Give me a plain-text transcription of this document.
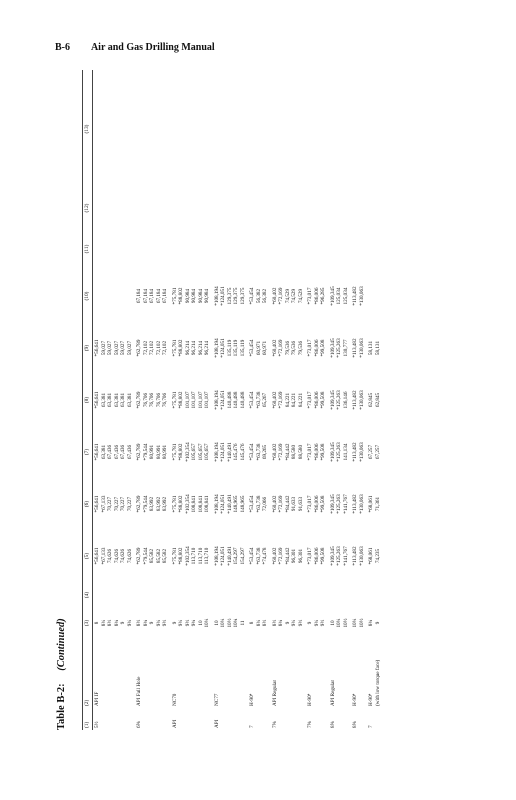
B-6 Air and Gas Drilling Manual
Table B-2: (Continued)

(1)	(2)	(3)	(4)	(5)	(6)	(7)	(8)	(9)	(10)	(11)	(12)	(13)

5½	API IF	8		*56,641	*56,641	*56,641	*56,641	*56,641				
		8¼		*67,133	*67,133	63,381	63,381	59,027				
		8½		74,626	70,227	67,436	63,381	59,027				
		8¾		74,626	70,227	67,436	63,381	59,027				
		9		74,626	70,227	67,436	63,381	59,027				
		9¼		74,626	70,227	67,436	63,381	59,027				

6⅝	API Full Hole	8½		*62,789	*62,789	*62,789	*62,789	*62,789	67,184			
		8¾		*79,544	*79,544	*79,544	76,706	72,102	67,184			
		9		85,582	83,992	80,991	76,706	72,102	67,184			
		9¼		85,582	83,992	80,991	76,706	72,102	67,184			
		9½		85,582	83,992	80,991	76,706	72,102	67,184			

API	NC70	9		*75,781	*75,781	*75,781	*75,781	*75,781	*75,781			
		9¼		*88,802	*88,802	*88,802	*88,802	*88,802	*88,802			
		9½		*102,354	*102,354	*102,354	101,107	96,214	90,984			
		9¾		113,710	108,841	105,657	101,107	96,214	90,984			
		10		113,710	108,841	105,657	101,107	96,214	90,984			
		10¼		113,710	108,841	105,657	101,107	96,214	90,984			

API	NC77	10		*108,194	*108,194	*108,194	*108,194	*108,194	*108,194			
		10¼		*124,051	*124,051	*124,051	*124,051	*124,051	*124,051			
		10½		*140,491	*140,491	*140,491	140,488	135,119	129,375			
		10¾		154,297	148,965	145,476	140,488	135,119	129,375			
		11		154,297	148,965	145,476	140,488	135,119	129,375			

7	H-90⁴	8		*53,454	*53,454	*53,454	*53,454	*53,454	*53,454			
		8¼		*63,738	*63,738	*63,738	*63,738	60,971	56,382			
		8½		*74,478	72,066	69,265	65,267	60,971	56,382			

7⅝	API Regular	8½		*60,402	*60,402	*60,402	*60,402	*60,402	*60,402			
		8¾		*72,169	*72,169	*72,169	*72,169	*72,169	*72,169			
		9		*84,442	*84,442	*84,442	84,221	79,536	74,529			
		9¼		96,301	91,633	88,580	84,221	79,536	74,529			
		9½		96,301	91,633	88,580	84,221	79,536	74,529			

7⅝	H-90⁴	9		*73,017	*73,017	*73,017	*73,017	*73,017	*73,017			
		9¼		*86,006	*86,006	*86,006	*86,006	*86,006	*86,006			
		9½		*99,508	*99,508	*99,508	*99,508	*99,508	*96,285			

8⅝	API Regular	10		*109,345	*109,345	*109,345	*109,345	*109,345	*109,345			
		10¼		*125,263	*125,263	*125,263	*125,263	*125,263	125,034			
		10½		*141,767	*141,767	141,134	136,146	130,777	125,034			

8⅝	H-90⁴	10¼		*113,482	*113,482	*113,482	*113,482	*113,482	*113,482			
		10½		*130,063	*130,063	*130,063	*130,063	*130,063	*130,063			

7	H-90⁴	8¾		*68,061	*68,061	67,257	62,845	58,131				
	(with low torque face)	9		74,235	71,361	67,257	62,845	58,131				
